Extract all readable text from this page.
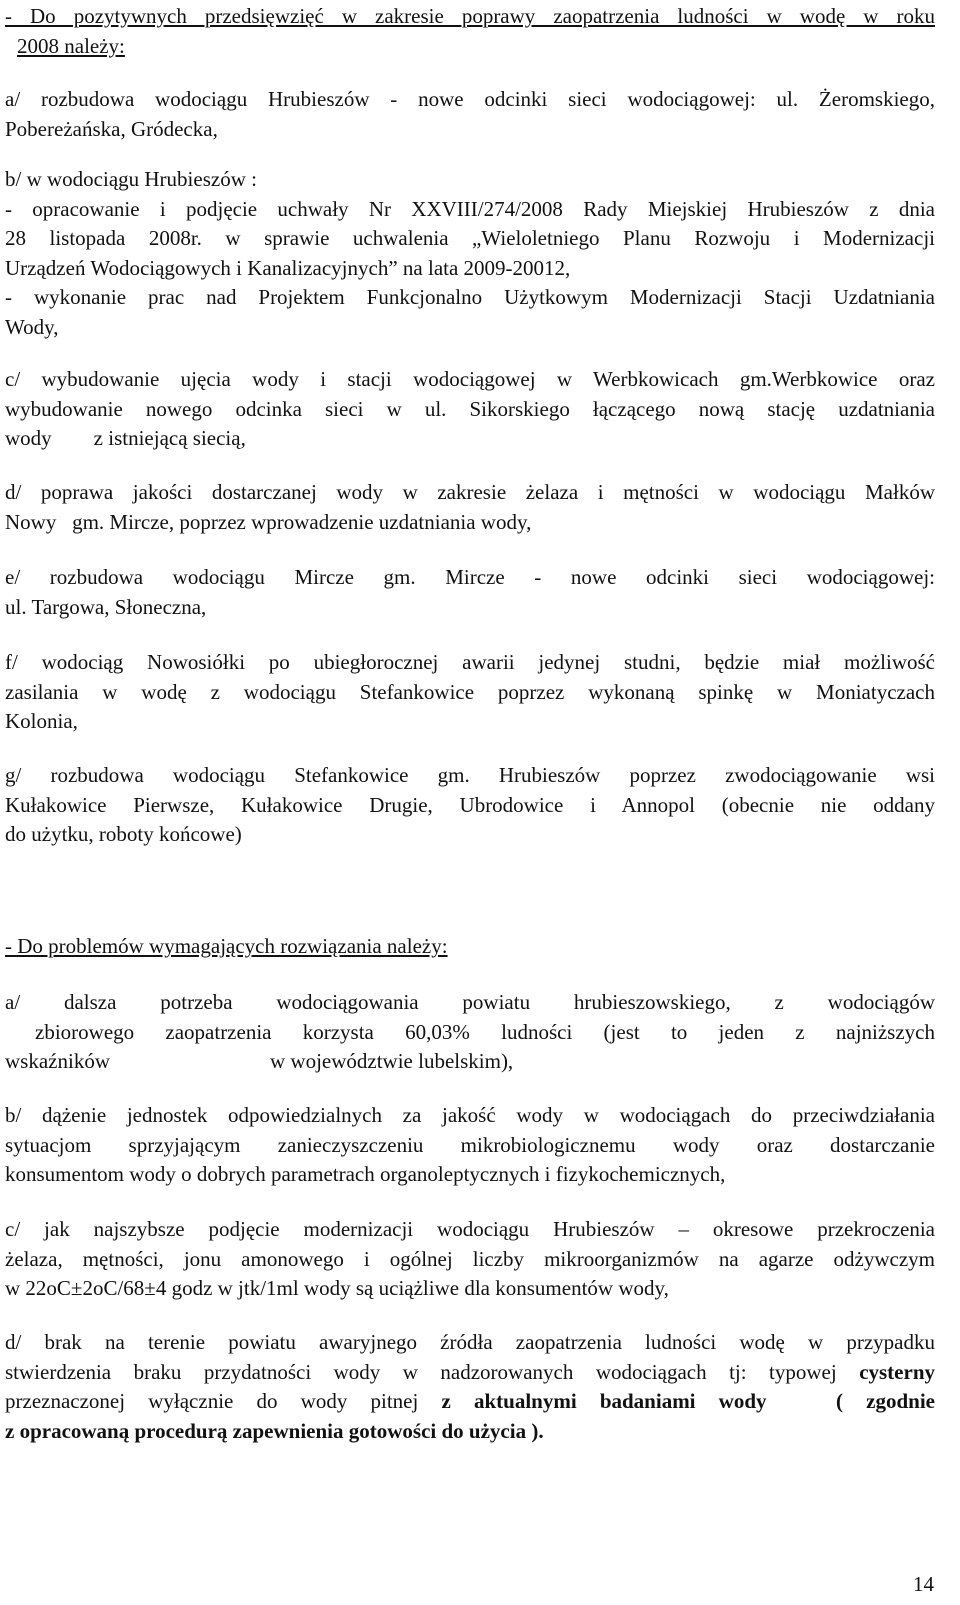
- Do pozytywnych przedsięwzięć w zakresie poprawy zaopatrzenia ludności w wodę w roku
2008 należy:
a/ rozbudowa wodociągu Hrubieszów - nowe odcinki sieci wodociągowej: ul. Żeromskiego,
Pobereżańska, Gródecka,
b/ w wodociągu Hrubieszów :
- opracowanie i podjęcie uchwały Nr XXVIII/274/2008 Rady Miejskiej Hrubieszów z dnia
28 listopada 2008r. w sprawie uchwalenia „Wieloletniego Planu Rozwoju i Modernizacji
Urządzeń Wodociągowych i Kanalizacyjnych” na lata 2009-20012,
- wykonanie prac nad Projektem Funkcjonalno Użytkowym Modernizacji Stacji Uzdatniania
Wody,
c/ wybudowanie ujęcia wody i stacji wodociągowej w Werbkowicach gm.Werbkowice oraz
wybudowanie nowego odcinka sieci w ul. Sikorskiego łączącego nową stację uzdatniania
wody        z istniejącą siecią,
d/ poprawa jakości dostarczanej wody w zakresie żelaza i mętności w wodociągu Małków
Nowy   gm. Mircze, poprzez wprowadzenie uzdatniania wody,
e/ rozbudowa wodociągu Mircze gm. Mircze - nowe odcinki sieci wodociągowej:
ul. Targowa, Słoneczna,
f/ wodociąg Nowosiółki po ubiegłorocznej awarii jedynej studni, będzie miał możliwość
zasilania w wodę z wodociągu Stefankowice poprzez wykonaną spinkę w Moniatyczach
Kolonia,
g/ rozbudowa wodociągu Stefankowice gm. Hrubieszów poprzez zwodociągowanie wsi
Kułakowice Pierwsze, Kułakowice Drugie, Ubrodowice i Annopol (obecnie nie oddany
do użytku, roboty końcowe)
- Do problemów wymagających rozwiązania należy:
a/ dalsza potrzeba wodociągowania powiatu hrubieszowskiego, z wodociągów
zbiorowego zaopatrzenia korzysta 60,03% ludności (jest to jeden z najniższych
wskaźników	w województwie lubelskim),
b/ dążenie jednostek odpowiedzialnych za jakość wody w wodociągach do przeciwdziałania
sytuacjom sprzyjającym zanieczyszczeniu mikrobiologicznemu wody oraz dostarczanie
konsumentom wody o dobrych parametrach organoleptycznych i fizykochemicznych,
c/ jak najszybsze podjęcie modernizacji wodociągu Hrubieszów – okresowe przekroczenia
żelaza, mętności, jonu amonowego i ogólnej liczby mikroorganizmów na agarze odżywczym
w 22oC±2oC/68±4 godz w jtk/1ml wody są uciążliwe dla konsumentów wody,
d/ brak na terenie powiatu awaryjnego źródła zaopatrzenia ludności wodę w przypadku
stwierdzenia braku przydatności wody w nadzorowanych wodociągach tj: typowej cysterny
przeznaczonej wyłącznie do wody pitnej z aktualnymi badaniami wody   ( zgodnie
z opracowaną procedurą zapewnienia gotowości do użycia ).
14
